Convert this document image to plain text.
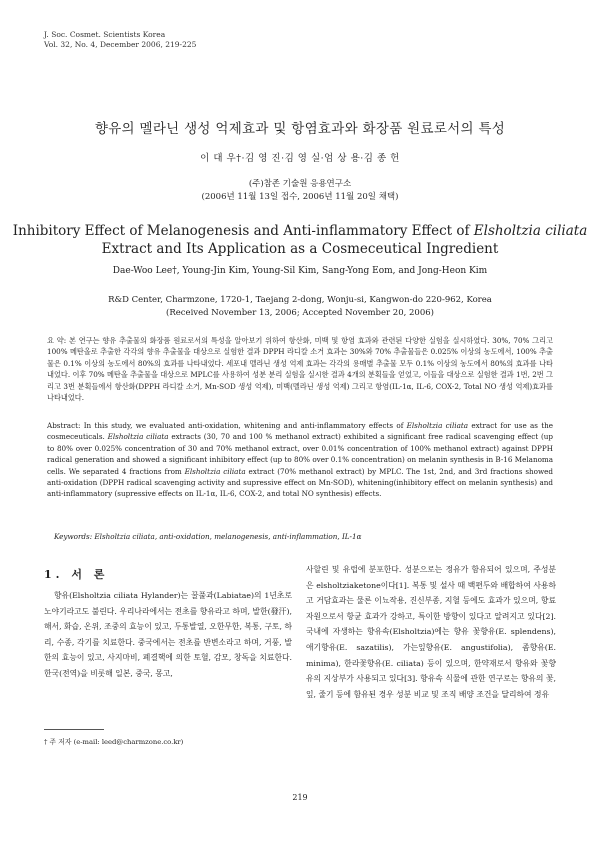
J. Soc. Cosmet. Scientists Korea
Vol. 32, No. 4, December 2006, 219-225
향유의 멜라닌 생성 억제효과 및 항염효과와 화장품 원료로서의 특성
이 대 우†·김 영 진·김 영 실·엄 상 용·김 종 헌
(주)참존 기술원 응용연구소
(2006년 11월 13일 접수, 2006년 11월 20일 채택)
Inhibitory Effect of Melanogenesis and Anti-inflammatory Effect of Elsholtzia ciliata
Extract and Its Application as a Cosmeceutical Ingredient
Dae-Woo Lee†, Young-Jin Kim, Young-Sil Kim, Sang-Yong Eom, and Jong-Heon Kim
R&D Center, Charmzone, 1720-1, Taejang 2-dong, Wonju-si, Kangwon-do 220-962, Korea
(Received November 13, 2006; Accepted November 20, 2006)
요 약: 본 연구는 향유 추출물의 화장품 원료로서의 특성을 알아보기 위하여 항산화, 미백 및 항염 효과와 관련된 다양한 실험을 실시하였다. 30%, 70% 그리고 100% 메탄올로 추출한 각각의 향유 추출물을 대상으로 실험한 결과 DPPH 라디칼 소거 효과는 30%와 70% 추출물들은 0.025% 이상의 농도에서, 100% 추출물은 0.1% 이상의 농도에서 80%의 효과를 나타내었다. 세포내 멜라닌 생성 억제 효과는 각각의 용매별 추출물 모두 0.1% 이상의 농도에서 80%의 효과를 나타내었다. 이후 70% 메탄올 추출물을 대상으로 MPLC를 사용하여 성분 분리 실험을 실시한 결과 4개의 분획들을 얻었고, 이들을 대상으로 실험한 결과 1번, 2번 그리고 3번 분획들에서 항산화(DPPH 라디칼 소거, Mn-SOD 생성 억제), 미백(멜라닌 생성 억제) 그리고 항염(IL-1α, IL-6, COX-2, Total NO 생성 억제)효과를 나타내었다.
Abstract: In this study, we evaluated anti-oxidation, whitening and anti-inflammatory effects of Elsholtzia ciliata extract for use as the cosmeceuticals. Elsholtzia ciliata extracts (30, 70 and 100 % methanol extract) exhibited a significant free radical scavenging effect (up to 80% over 0.025% concentration of 30 and 70% methanol extract, over 0.01% concentration of 100% methanol extract) against DPPH radical generation and showed a significant inhibitory effect (up to 80% over 0.1% concentration) on melanin synthesis in B-16 Melanoma cells. We separated 4 fractions from Elsholtzia ciliata extract (70% methanol extract) by MPLC. The 1st, 2nd, and 3rd fractions showed anti-oxidation (DPPH radical scavenging activity and supressive effect on Mn-SOD), whitening(inhibitory effect on melanin synthesis) and anti-inflammatory (supressive effects on IL-1α, IL-6, COX-2, and total NO synthesis) effects.
Keywords: Elsholtzia ciliata, anti-oxidation, melanogenesis, anti-inflammation, IL-1α
1. 서 론

향유(Elsholtzia ciliata Hylander)는 꿀풀과(Labiatae)의 1년초로 노야기라고도 불린다. 우리나라에서는 전초를 향유라고 하며, 발한(發汗), 해서, 화습, 온위, 조중의 효능이 있고, 두통발열, 오한무한, 복통, 구토, 하리, 수종, 각기를 치료한다. 중국에서는 전초를 반변소라고 하며, 거풍, 발한의 효능이 있고, 사지마비, 폐결핵에 의한 토혈, 감모, 창독을 치료한다. 한국(전역)을 비롯해 일본, 중국, 몽고,

사할린 및 유럽에 분포한다. 성분으로는 정유가 함유되어 있으며, 주성분은 elsholtziaketone이다[1]. 복통 및 설사 때 백편두와 배합하여 사용하고 거담효과는 물론 이뇨작용, 진신부종, 지혈 등에도 효과가 있으며, 향료 자원으로서 항균 효과가 강하고, 특이한 방향이 있다고 알려지고 있다[2]. 국내에 자생하는 향유속(Elsholtzia)에는 향유 꽃향유(E. splendens), 애기향유(E. sazatilis), 가는잎향유(E. angustifolia), 좀향유(E. minima), 한라꽃향유(E. ciliata) 등이 있으며, 한약재로서 향유와 꽃향유의 지상부가 사용되고 있다[3]. 향유속 식물에 관한 연구로는 향유의 꽃, 잎, 줄기 등에 함유된 경우 성분 비교 및 조직 배양 조건을 달리하여 정유

† 주 저자 (e-mail: leed@charmzone.co.kr)
219
